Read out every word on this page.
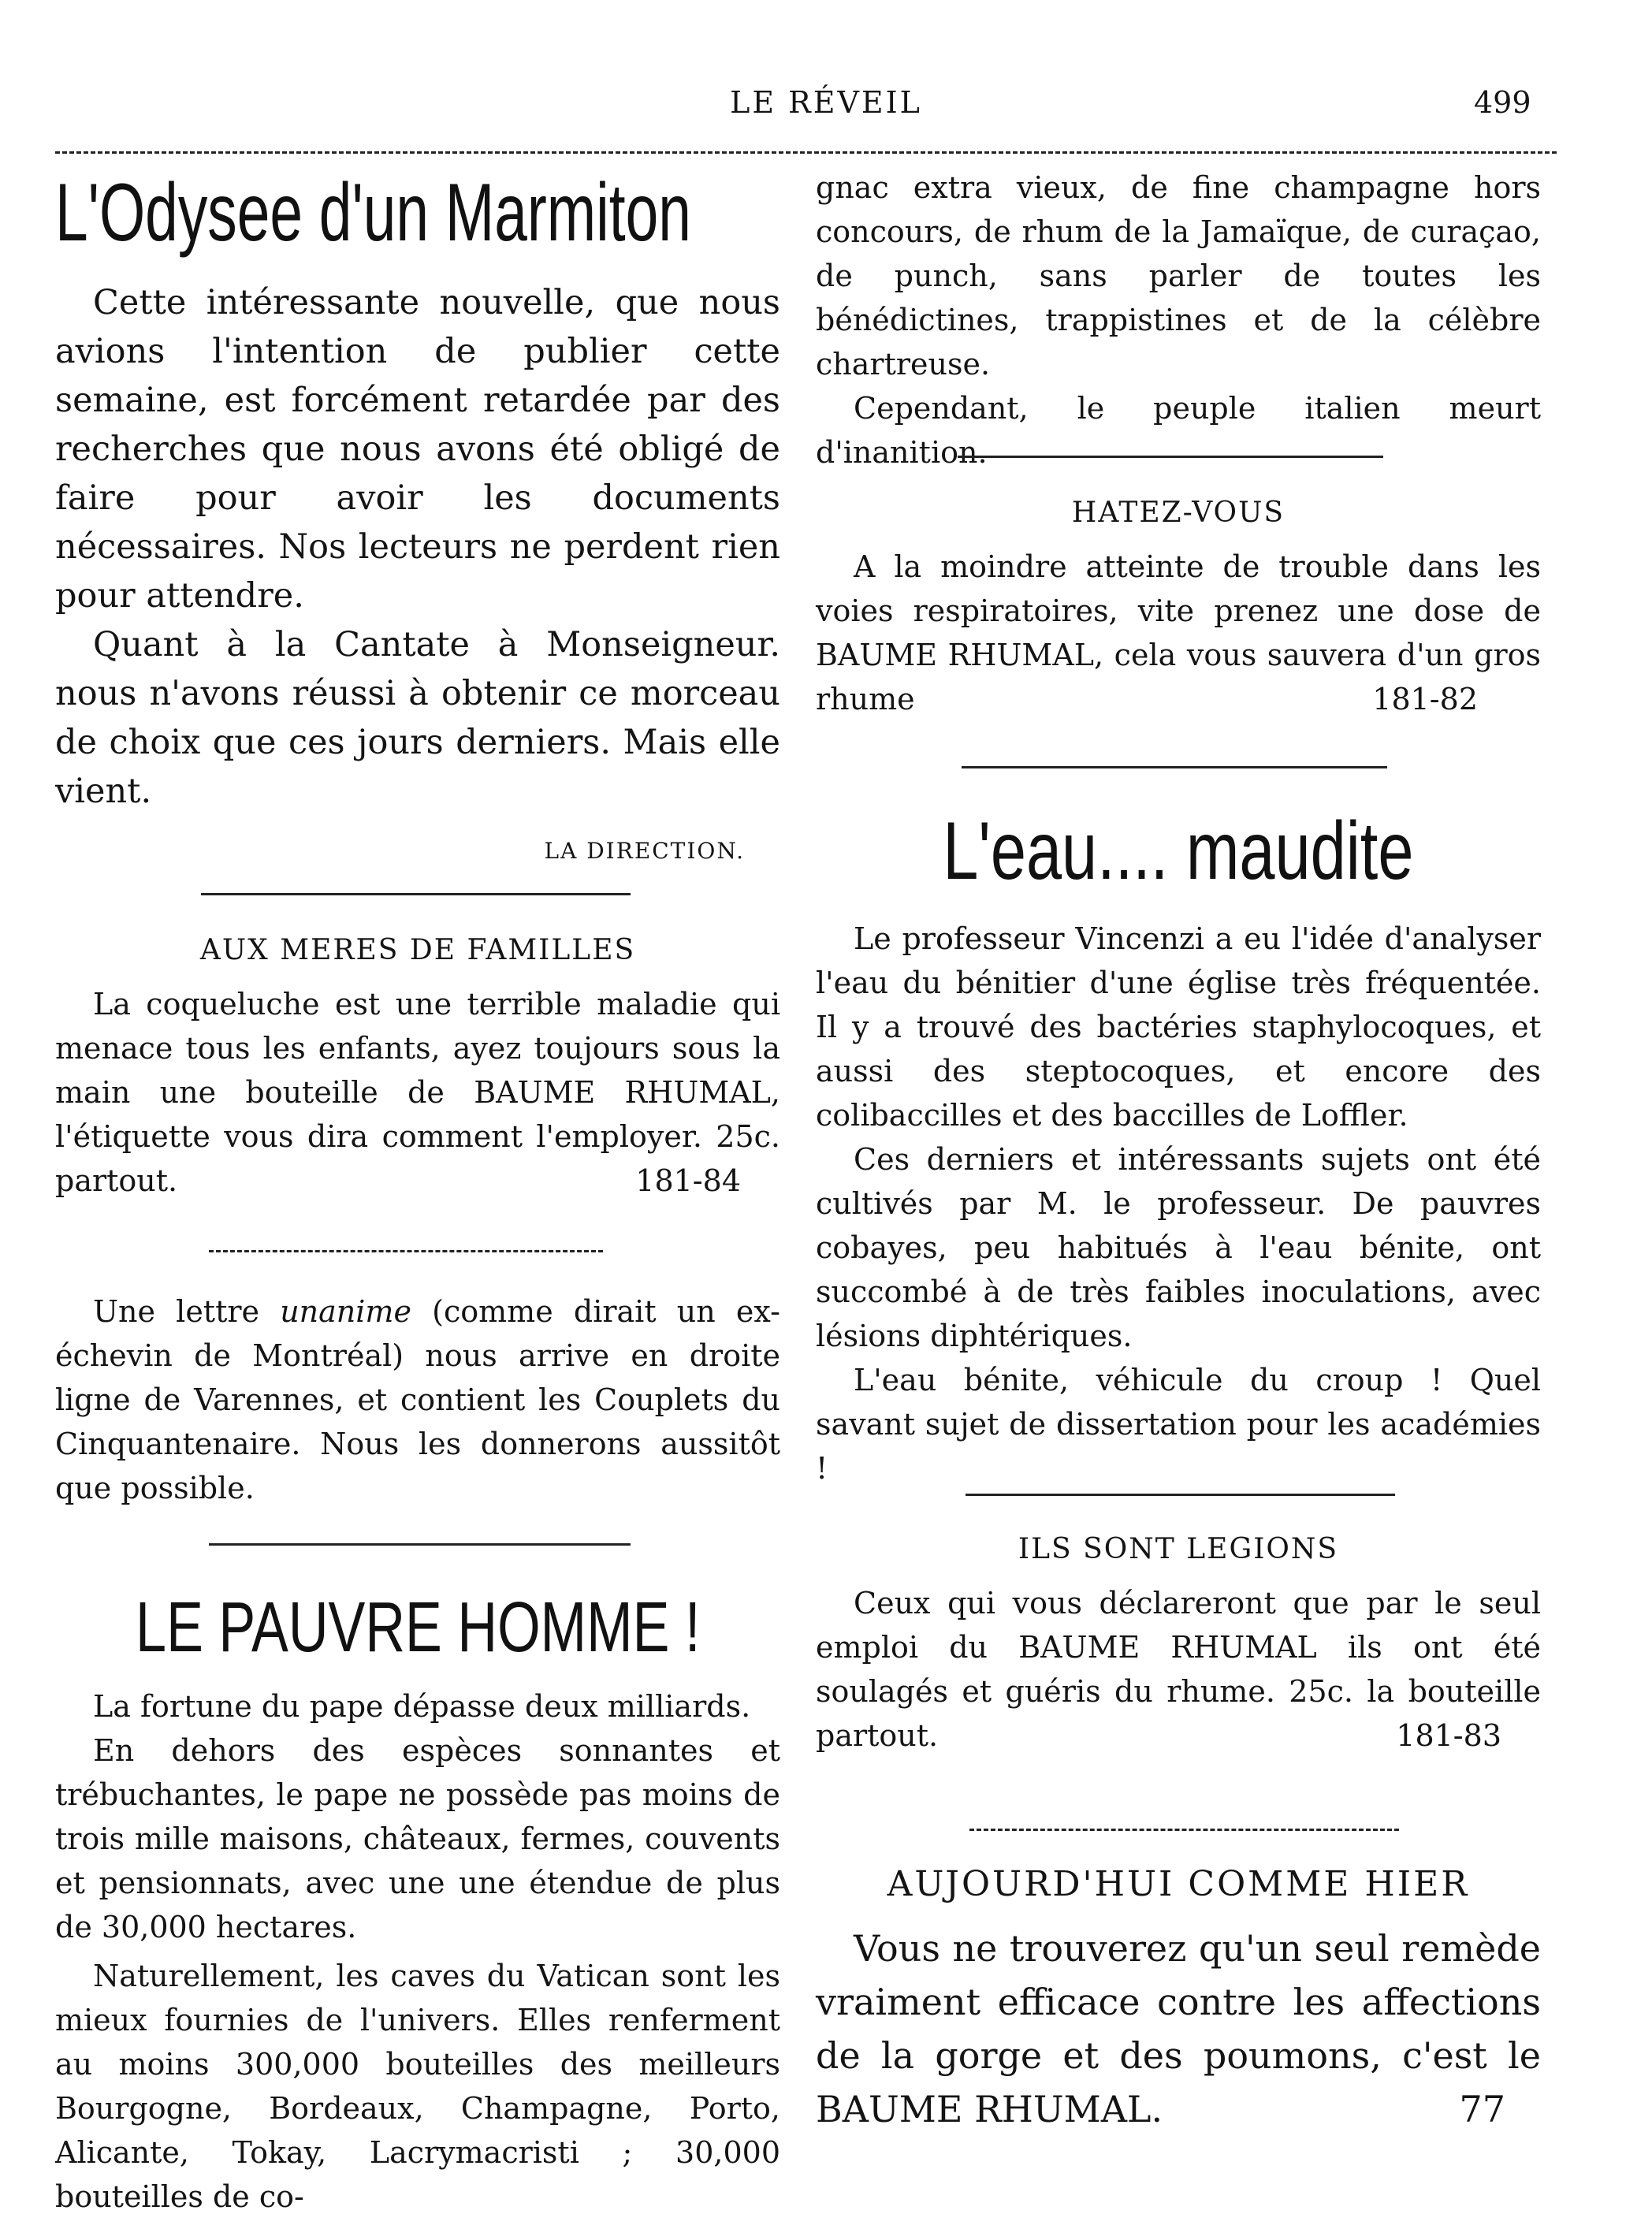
LE RÉVEIL	499
L'Odysee d'un Marmiton

Cette intéressante nouvelle, que nous avions l'intention de publier cette semaine, est forcément retardée par des recherches que nous avons été obligé de faire pour avoir les documents nécessaires. Nos lecteurs ne perdent rien pour attendre.

Quant à la Cantate à Monseigneur. nous n'avons réussi à obtenir ce morceau de choix que ces jours derniers. Mais elle vient.

LA DIRECTION.
AUX MERES DE FAMILLES

La coqueluche est une terrible maladie qui menace tous les enfants, ayez toujours sous la main une bouteille de BAUME RHUMAL, l'étiquette vous dira comment l'employer. 25c. partout.	181-84

Une lettre unanime (comme dirait un ex-échevin de Montréal) nous arrive en droite ligne de Varennes, et contient les Couplets du Cinquantenaire. Nous les donnerons aussitôt que possible.

LE PAUVRE HOMME !

La fortune du pape dépasse deux milliards.

En dehors des espèces sonnantes et trébuchantes, le pape ne possède pas moins de trois mille maisons, châteaux, fermes, couvents et pensionnats, avec une une étendue de plus de 30,000 hectares.

Naturellement, les caves du Vatican sont les mieux fournies de l'univers. Elles renferment au moins 300,000 bouteilles des meilleurs Bourgogne, Bordeaux, Champagne, Porto, Alicante, Tokay, Lacrymacristi ; 30,000 bouteilles de co-

gnac extra vieux, de fine champagne hors concours, de rhum de la Jamaïque, de curaçao, de punch, sans parler de toutes les bénédictines, trappistines et de la célèbre chartreuse.

Cependant, le peuple italien meurt d'inanition.

HATEZ-VOUS

A la moindre atteinte de trouble dans les voies respiratoires, vite prenez une dose de BAUME RHUMAL, cela vous sauvera d'un gros rhume	181-82
L'eau.... maudite

Le professeur Vincenzi a eu l'idée d'analyser l'eau du bénitier d'une église très fréquentée. Il y a trouvé des bactéries staphylocoques, et aussi des steptocoques, et encore des colibaccilles et des baccilles de Loffler.

Ces derniers et intéressants sujets ont été cultivés par M. le professeur. De pauvres cobayes, peu habitués à l'eau bénite, ont succombé à de très faibles inoculations, avec lésions diphtériques.

L'eau bénite, véhicule du croup ! Quel savant sujet de dissertation pour les académies !

ILS SONT LEGIONS

Ceux qui vous déclareront que par le seul emploi du BAUME RHUMAL ils ont été soulagés et guéris du rhume. 25c. la bouteille partout.	181-83
AUJOURD'HUI COMME HIER

Vous ne trouverez qu'un seul remède vraiment efficace contre les affections de la gorge et des poumons, c'est le BAUME RHUMAL.	77
